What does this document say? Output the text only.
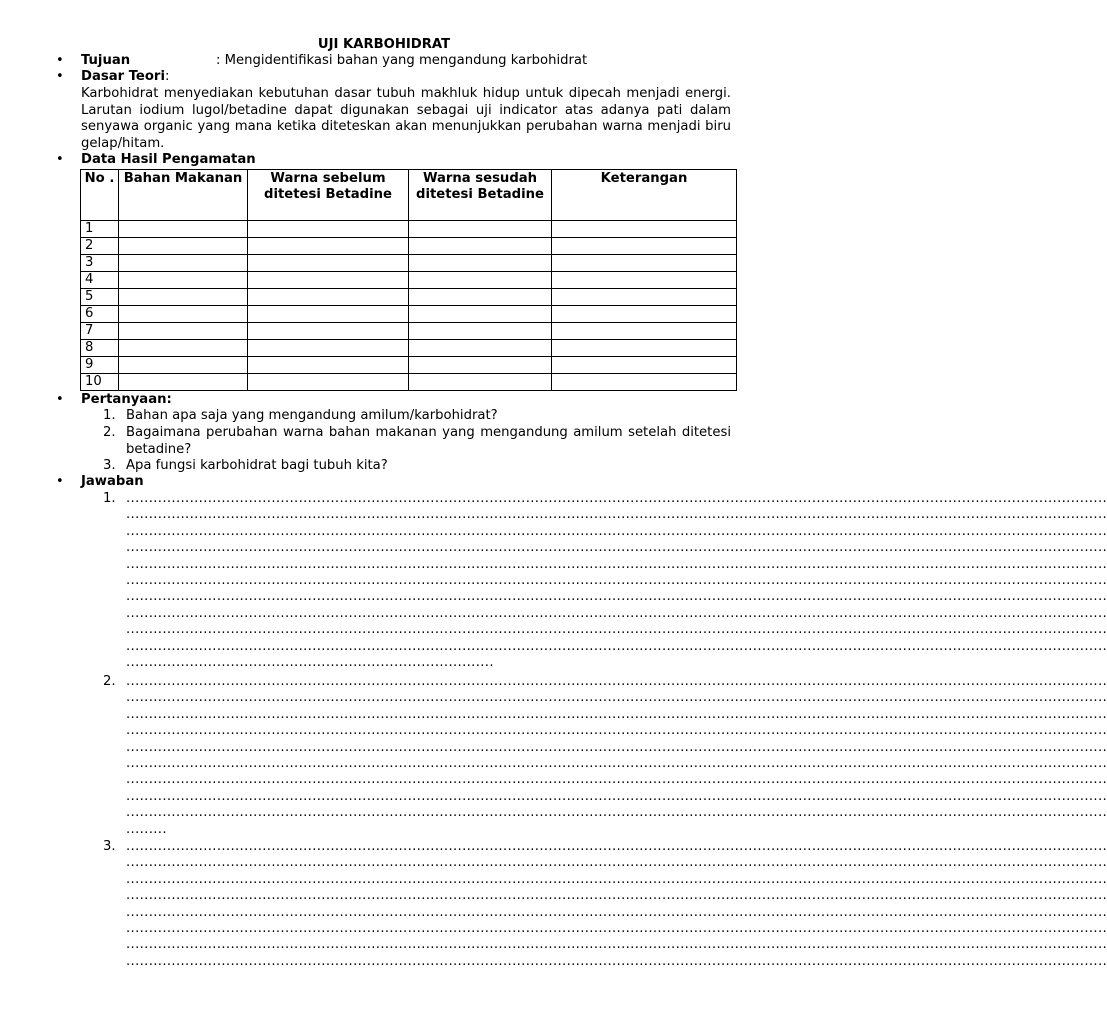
UJI KARBOHIDRAT
•
Tujuan	: Mengidentifikasi bahan yang mengandung karbohidrat
•
Dasar Teori:
Karbohidrat menyediakan kebutuhan dasar tubuh makhluk hidup untuk dipecah menjadi energi. Larutan iodium lugol/betadine dapat digunakan sebagai uji indicator atas adanya pati dalam senyawa organic yang mana ketika diteteskan akan menunjukkan perubahan warna menjadi biru gelap/hitam.
•
Data Hasil Pengamatan
No .	Bahan Makanan	Warna sebelum ditetesi Betadine	Warna sesudah ditetesi Betadine	Keterangan
1				
2				
3				
4				
5				
6				
7				
8				
9				
10				
•
Pertanyaan:
1. Bahan apa saja yang mengandung amilum/karbohidrat?
2. Bagaimana perubahan warna bahan makanan yang mengandung amilum setelah ditetesi betadine?
3. Apa fungsi karbohidrat bagi tubuh kita?
•
Jawaban
1. ........................................................................................................................................................................................................................
........................................................................................................................................................................................................................
........................................................................................................................................................................................................................
........................................................................................................................................................................................................................
........................................................................................................................................................................................................................
........................................................................................................................................................................................................................
........................................................................................................................................................................................................................
........................................................................................................................................................................................................................
........................................................................................................................................................................................................................
........................................................................................................................................................................................................................
.................................................................................
2. ........................................................................................................................................................................................................................
........................................................................................................................................................................................................................
........................................................................................................................................................................................................................
........................................................................................................................................................................................................................
........................................................................................................................................................................................................................
........................................................................................................................................................................................................................
........................................................................................................................................................................................................................
........................................................................................................................................................................................................................
........................................................................................................................................................................................................................
.........
3. ........................................................................................................................................................................................................................
........................................................................................................................................................................................................................
........................................................................................................................................................................................................................
........................................................................................................................................................................................................................
........................................................................................................................................................................................................................
........................................................................................................................................................................................................................
........................................................................................................................................................................................................................
........................................................................................................................................................................................................................
